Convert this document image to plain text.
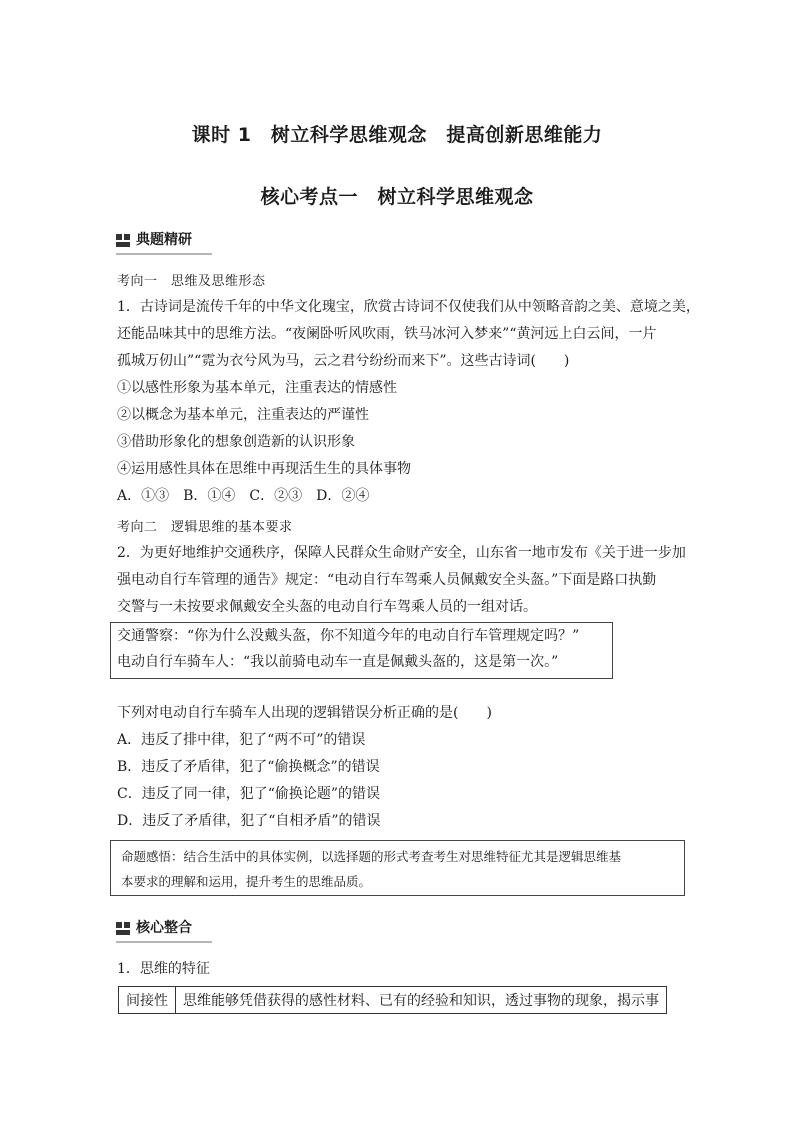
课时 1　树立科学思维观念　提高创新思维能力
核心考点一　树立科学思维观念
典题精研
考向一　思维及思维形态

1．古诗词是流传千年的中华文化瑰宝，欣赏古诗词不仅使我们从中领略音韵之美、意境之美，

还能品味其中的思维方法。“夜阑卧听风吹雨，铁马冰河入梦来”“黄河远上白云间，一片

孤城万仞山”“霓为衣兮风为马，云之君兮纷纷而来下”。这些古诗词(　　)

①以感性形象为基本单元，注重表达的情感性

②以概念为基本单元，注重表达的严谨性

③借助形象化的想象创造新的认识形象

④运用感性具体在思维中再现活生生的具体事物

A．①③　B．①④　C．②③　D．②④

考向二　逻辑思维的基本要求

2．为更好地维护交通秩序，保障人民群众生命财产安全，山东省一地市发布《关于进一步加

强电动自行车管理的通告》规定：“电动自行车驾乘人员佩戴安全头盔。”下面是路口执勤

交警与一未按要求佩戴安全头盔的电动自行车驾乘人员的一组对话。

交通警察：“你为什么没戴头盔，你不知道今年的电动自行车管理规定吗？”

电动自行车骑车人：“我以前骑电动车一直是佩戴头盔的，这是第一次。”

下列对电动自行车骑车人出现的逻辑错误分析正确的是(　　)

A．违反了排中律，犯了“两不可”的错误

B．违反了矛盾律，犯了“偷换概念”的错误

C．违反了同一律，犯了“偷换论题”的错误

D．违反了矛盾律，犯了“自相矛盾”的错误

命题感悟：结合生活中的具体实例，以选择题的形式考查考生对思维特征尤其是逻辑思维基

本要求的理解和运用，提升考生的思维品质。

核心整合

1．思维的特征

间接性	思维能够凭借获得的感性材料、已有的经验和知识，透过事物的现象，揭示事
